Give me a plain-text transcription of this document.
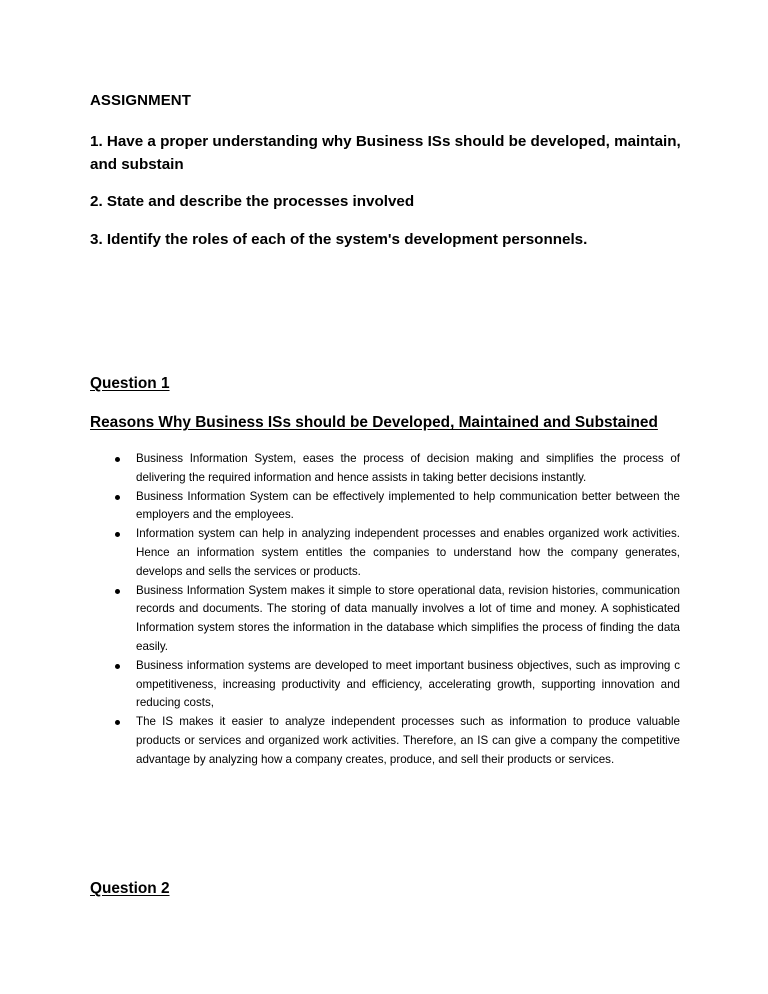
ASSIGNMENT
1. Have a proper understanding why Business ISs should be developed, maintain, and substain
2. State and describe the processes involved
3. Identify the roles of each of the system's development personnels.
Question 1
Reasons Why Business ISs should be Developed, Maintained and Substained
Business Information System, eases the process of decision making and simplifies the process of delivering the required information and hence assists in taking better decisions instantly.
Business Information System can be effectively implemented to help communication better between the employers and the employees.
Information system can help in analyzing independent processes and enables organized work activities. Hence an information system entitles the companies to understand how the company generates, develops and sells the services or products.
Business Information System makes it simple to store operational data, revision histories, communication records and documents. The storing of data manually involves a lot of time and money. A sophisticated Information system stores the information in the database which simplifies the process of finding the data easily.
Business information systems are developed to meet important business objectives, such as improving c ompetitiveness, increasing productivity and efficiency, accelerating growth, supporting innovation and reducing costs,
The IS makes it easier to analyze independent processes such as information to produce valuable products or services and organized work activities. Therefore, an IS can give a company the competitive advantage by analyzing how a company creates, produce, and sell their products or services.
Question 2
